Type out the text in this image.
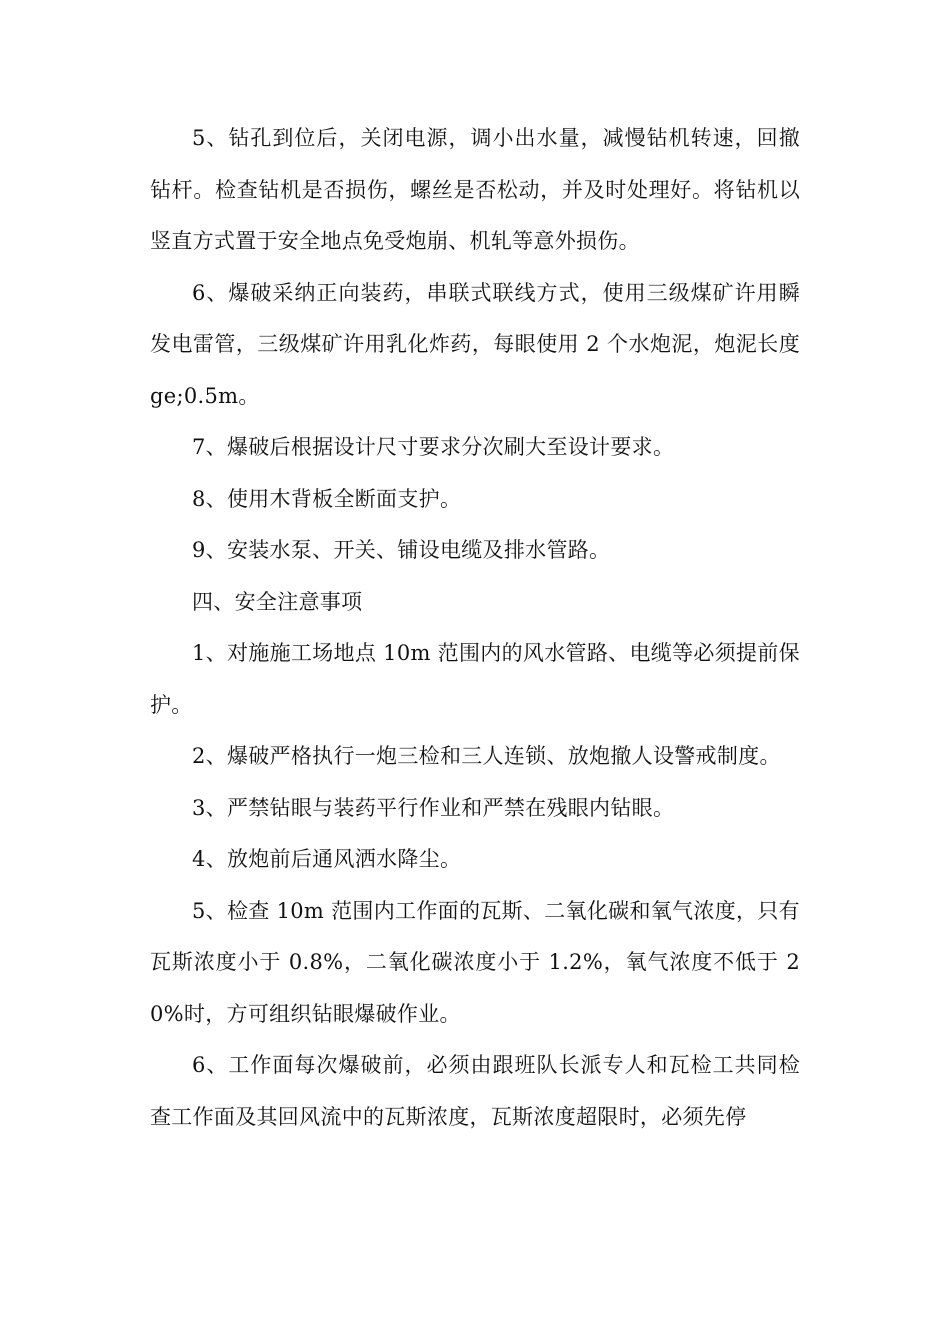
5、钻孔到位后，关闭电源，调小出水量，减慢钻机转速，回撤钻杆。检查钻机是否损伤，螺丝是否松动，并及时处理好。将钻机以竖直方式置于安全地点免受炮崩、机轧等意外损伤。

6、爆破采纳正向装药，串联式联线方式，使用三级煤矿许用瞬发电雷管，三级煤矿许用乳化炸药，每眼使用 2 个水炮泥，炮泥长度 ge;0.5m。

7、爆破后根据设计尺寸要求分次刷大至设计要求。

8、使用木背板全断面支护。

9、安装水泵、开关、铺设电缆及排水管路。

四、安全注意事项

1、对施施工场地点 10m 范围内的风水管路、电缆等必须提前保护。

2、爆破严格执行一炮三检和三人连锁、放炮撤人设警戒制度。

3、严禁钻眼与装药平行作业和严禁在残眼内钻眼。

4、放炮前后通风洒水降尘。

5、检查 10m 范围内工作面的瓦斯、二氧化碳和氧气浓度，只有瓦斯浓度小于 0.8%，二氧化碳浓度小于 1.2%，氧气浓度不低于 20%时，方可组织钻眼爆破作业。

6、工作面每次爆破前，必须由跟班队长派专人和瓦检工共同检查工作面及其回风流中的瓦斯浓度，瓦斯浓度超限时，必须先停
